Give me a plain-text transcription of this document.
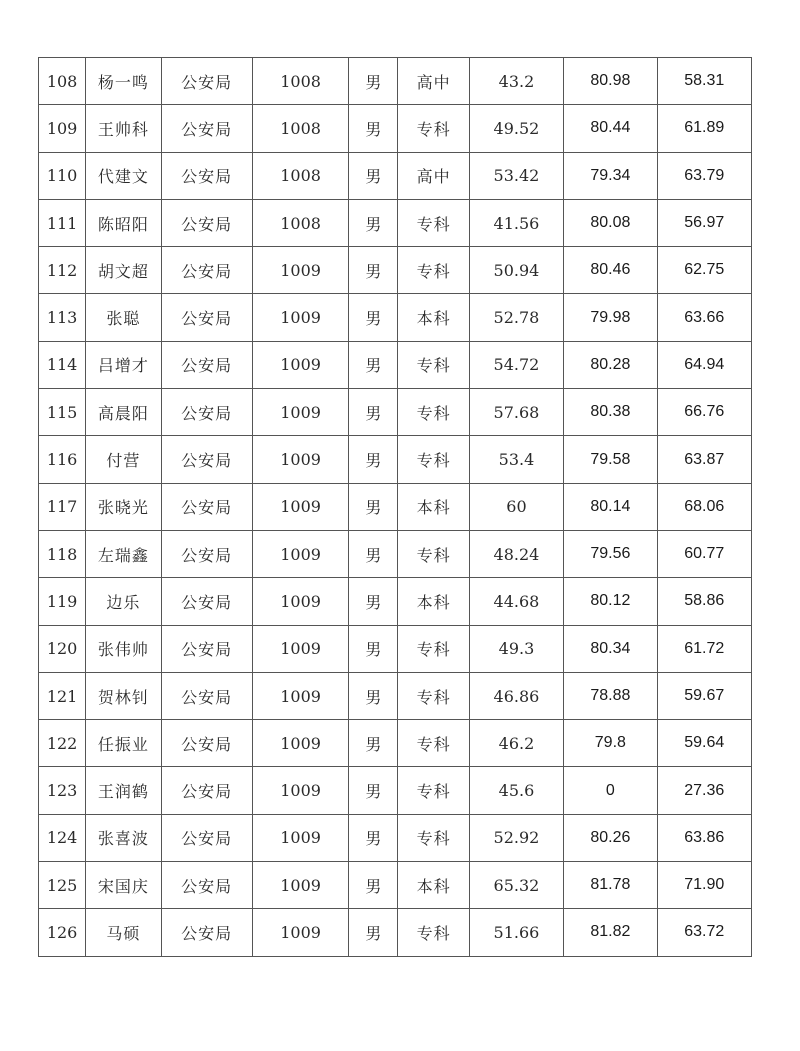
108	杨一鸣	公安局	1008	男	高中	43.2	80.98	58.31
109	王帅科	公安局	1008	男	专科	49.52	80.44	61.89
110	代建文	公安局	1008	男	高中	53.42	79.34	63.79
111	陈昭阳	公安局	1008	男	专科	41.56	80.08	56.97
112	胡文超	公安局	1009	男	专科	50.94	80.46	62.75
113	张聪	公安局	1009	男	本科	52.78	79.98	63.66
114	吕增才	公安局	1009	男	专科	54.72	80.28	64.94
115	高晨阳	公安局	1009	男	专科	57.68	80.38	66.76
116	付营	公安局	1009	男	专科	53.4	79.58	63.87
117	张晓光	公安局	1009	男	本科	60	80.14	68.06
118	左瑞鑫	公安局	1009	男	专科	48.24	79.56	60.77
119	边乐	公安局	1009	男	本科	44.68	80.12	58.86
120	张伟帅	公安局	1009	男	专科	49.3	80.34	61.72
121	贺林钊	公安局	1009	男	专科	46.86	78.88	59.67
122	任振业	公安局	1009	男	专科	46.2	79.8	59.64
123	王润鹤	公安局	1009	男	专科	45.6	0	27.36
124	张喜波	公安局	1009	男	专科	52.92	80.26	63.86
125	宋国庆	公安局	1009	男	本科	65.32	81.78	71.90
126	马硕	公安局	1009	男	专科	51.66	81.82	63.72
